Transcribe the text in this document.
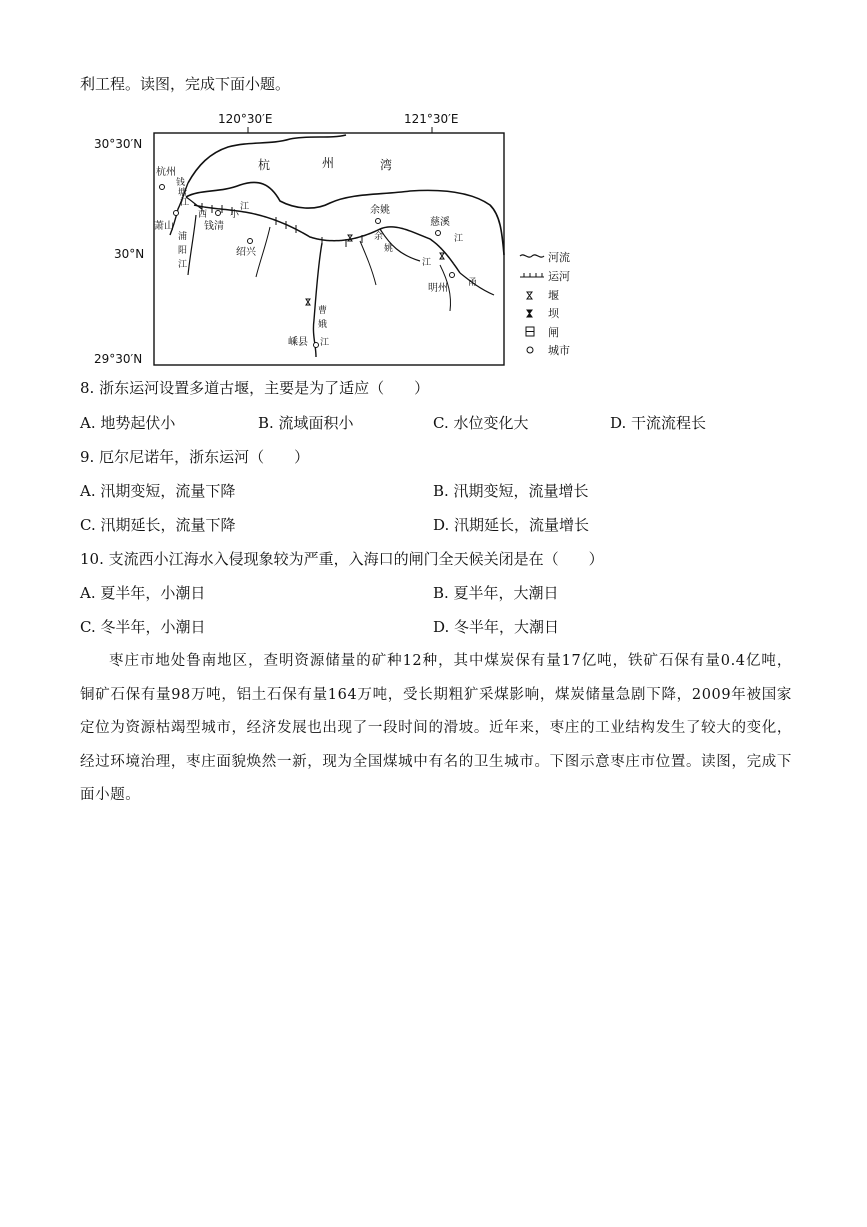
利工程。读图，完成下面小题。
120°30′E	121°30′E
30°30′N
30°N
29°30′N
杭	州	湾
杭州
萧山	钱清
绍兴
余姚
慈溪
明州
嵊县
钱
塘
江
西	小
江
浦
阳
江
曹
娥
江
余
姚
江
甬
江	河流
运河
堰
坝
闸
城市
8. 浙东运河设置多道古堰，主要是为了适应（　　）
A. 地势起伏小	B. 流域面积小	C. 水位变化大	D. 干流流程长
9. 厄尔尼诺年，浙东运河（　　）
A. 汛期变短，流量下降	B. 汛期变短，流量增长
C. 汛期延长，流量下降	D. 汛期延长，流量增长
10. 支流西小江海水入侵现象较为严重，入海口的闸门全天候关闭是在（　　）
A. 夏半年，小潮日	B. 夏半年，大潮日
C. 冬半年，小潮日	D. 冬半年，大潮日
枣庄市地处鲁南地区，查明资源储量的矿种12种，其中煤炭保有量17亿吨，铁矿石保有量0.4亿吨，铜矿石保有量98万吨，铝土石保有量164万吨，受长期粗犷采煤影响，煤炭储量急剧下降，2009年被国家定位为资源枯竭型城市，经济发展也出现了一段时间的滑坡。近年来，枣庄的工业结构发生了较大的变化，经过环境治理，枣庄面貌焕然一新，现为全国煤城中有名的卫生城市。下图示意枣庄市位置。读图，完成下面小题。
